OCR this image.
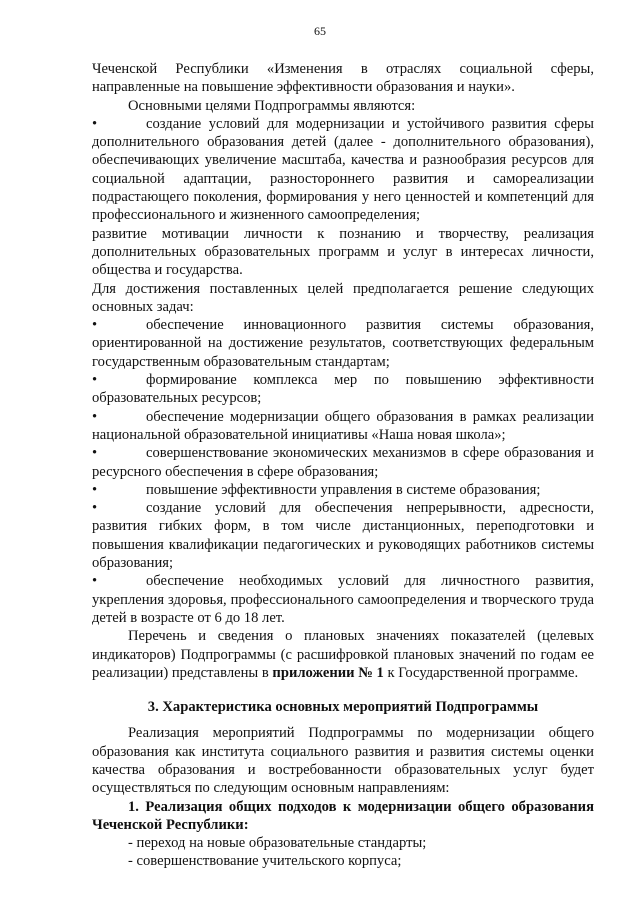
65

Чеченской Республики «Изменения в отраслях социальной сферы, направленные на повышение эффективности образования и науки».

Основными целями Подпрограммы являются:

• создание условий для модернизации и устойчивого развития сферы дополнительного образования детей (далее - дополнительного образования), обеспечивающих увеличение масштаба, качества и разнообразия ресурсов для социальной адаптации, разностороннего развития и самореализации подрастающего поколения, формирования у него ценностей и компетенций для профессионального и жизненного самоопределения;

развитие мотивации личности к познанию и творчеству, реализация дополнительных образовательных программ и услуг в интересах личности, общества и государства.

Для достижения поставленных целей предполагается решение следующих основных задач:

• обеспечение инновационного развития системы образования, ориентированной на достижение результатов, соответствующих федеральным государственным образовательным стандартам;

• формирование комплекса мер по повышению эффективности образовательных ресурсов;

• обеспечение модернизации общего образования в рамках реализации национальной образовательной инициативы «Наша новая школа»;

• совершенствование экономических механизмов в сфере образования и ресурсного обеспечения в сфере образования;

• повышение эффективности управления в системе образования;

• создание условий для обеспечения непрерывности, адресности, развития гибких форм, в том числе дистанционных, переподготовки и повышения квалификации педагогических и руководящих работников системы образования;

• обеспечение необходимых условий для личностного развития, укрепления здоровья, профессионального самоопределения и творческого труда детей в возрасте от 6 до 18 лет.

Перечень и сведения о плановых значениях показателей (целевых индикаторов) Подпрограммы (с расшифровкой плановых значений по годам ее реализации) представлены в приложении № 1 к Государственной программе.

3. Характеристика основных мероприятий Подпрограммы

Реализация мероприятий Подпрограммы по модернизации общего образования как института социального развития и развития системы оценки качества образования и востребованности образовательных услуг будет осуществляться по следующим основным направлениям:

1. Реализация общих подходов к модернизации общего образования Чеченской Республики:

- переход на новые образовательные стандарты;

- совершенствование учительского корпуса;
